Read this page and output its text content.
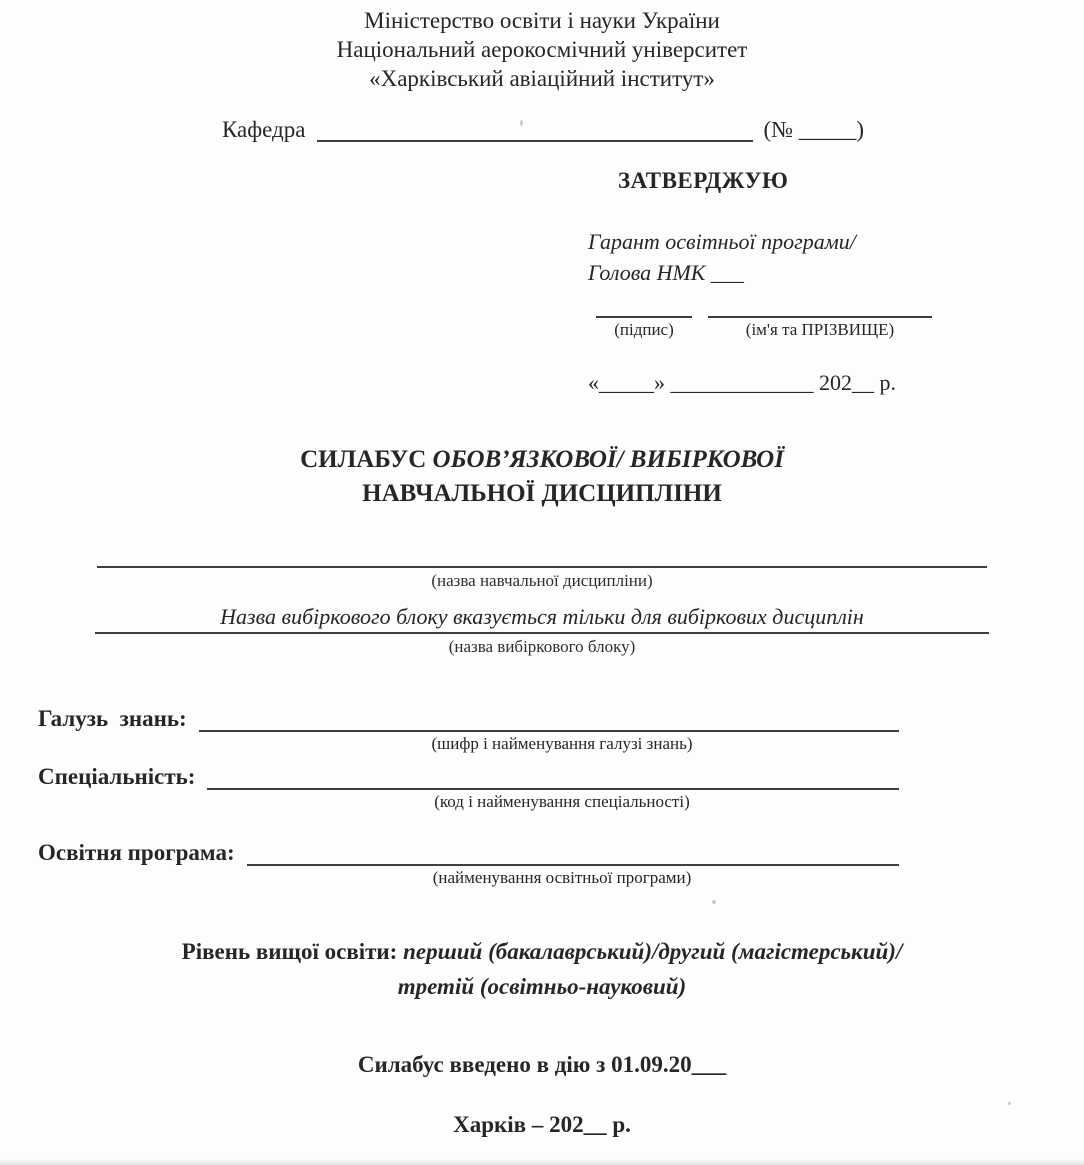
Міністерство освіти і науки України
Національний аерокосмічний університет
«Харківський авіаційний інститут»
Кафедра	(№ _____)
ЗАТВЕРДЖУЮ
Гарант освітньої програми/
Голова НМК ___
(підпис)	(ім'я та ПРІЗВИЩЕ)
«_____» _____________ 202__ р.
СИЛАБУС ОБОВ’ЯЗКОВОЇ/ ВИБІРКОВОЇ
НАВЧАЛЬНОЇ ДИСЦИПЛІНИ
(назва навчальної дисципліни)
Назва вибіркового блоку вказується тільки для вибіркових дисциплін
(назва вибіркового блоку)
Галузь  знань:
(шифр і найменування галузі знань)
Спеціальність:
(код і найменування спеціальності)
Освітня програма:
(найменування освітньої програми)
Рівень вищої освіти: перший (бакалаврський)/другий (магістерський)/
третій (освітньо-науковий)
Силабус введено в дію з 01.09.20___
Харків – 202__ р.
